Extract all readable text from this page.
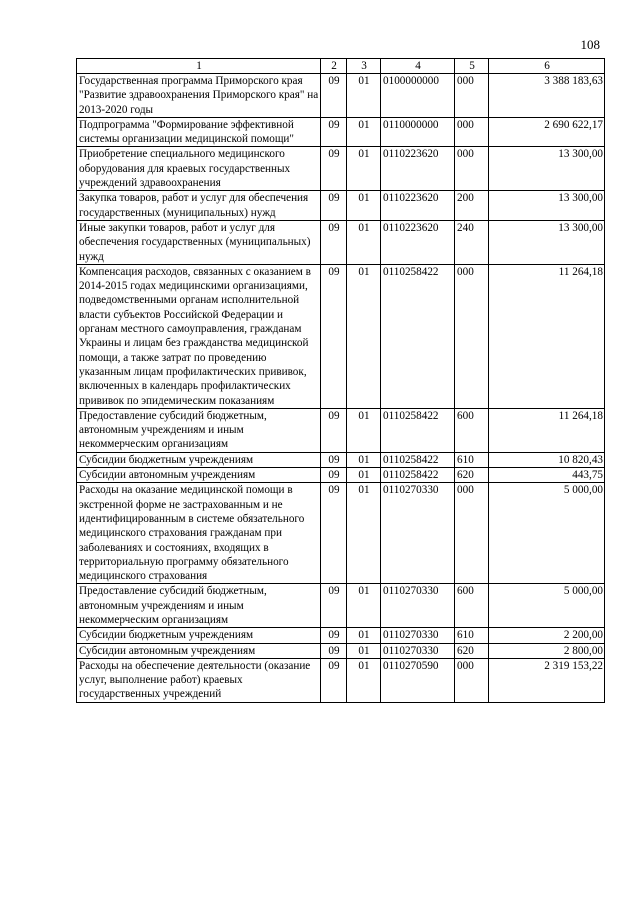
108
1	2	3	4	5	6
Государственная программа Приморского края "Развитие здравоохранения Приморского края" на 2013-2020 годы	09	01	0100000000	000	3 388 183,63
Подпрограмма "Формирование эффективной системы организации медицинской помощи"	09	01	0110000000	000	2 690 622,17
Приобретение специального медицинского оборудования для краевых государственных учреждений здравоохранения	09	01	0110223620	000	13 300,00
Закупка товаров, работ и услуг для обеспечения государственных (муниципальных) нужд	09	01	0110223620	200	13 300,00
Иные закупки товаров, работ и услуг для обеспечения государственных (муниципальных) нужд	09	01	0110223620	240	13 300,00
Компенсация расходов, связанных с оказанием в 2014-2015 годах медицинскими организациями, подведомственными органам исполнительной власти субъектов Российской Федерации и органам местного самоуправления, гражданам Украины и лицам без гражданства медицинской помощи, а также затрат по проведению указанным лицам профилактических прививок, включенных в календарь профилактических прививок по эпидемическим показаниям	09	01	0110258422	000	11 264,18
Предоставление субсидий бюджетным, автономным учреждениям и иным некоммерческим организациям	09	01	0110258422	600	11 264,18
Субсидии бюджетным учреждениям	09	01	0110258422	610	10 820,43
Субсидии автономным учреждениям	09	01	0110258422	620	443,75
Расходы на оказание медицинской помощи в экстренной форме не застрахованным и не идентифицированным в системе обязательного медицинского страхования гражданам при заболеваниях и состояниях, входящих в территориальную программу обязательного медицинского страхования	09	01	0110270330	000	5 000,00
Предоставление субсидий бюджетным, автономным учреждениям и иным некоммерческим организациям	09	01	0110270330	600	5 000,00
Субсидии бюджетным учреждениям	09	01	0110270330	610	2 200,00
Субсидии автономным учреждениям	09	01	0110270330	620	2 800,00
Расходы на обеспечение деятельности (оказание услуг, выполнение работ) краевых государственных учреждений	09	01	0110270590	000	2 319 153,22
